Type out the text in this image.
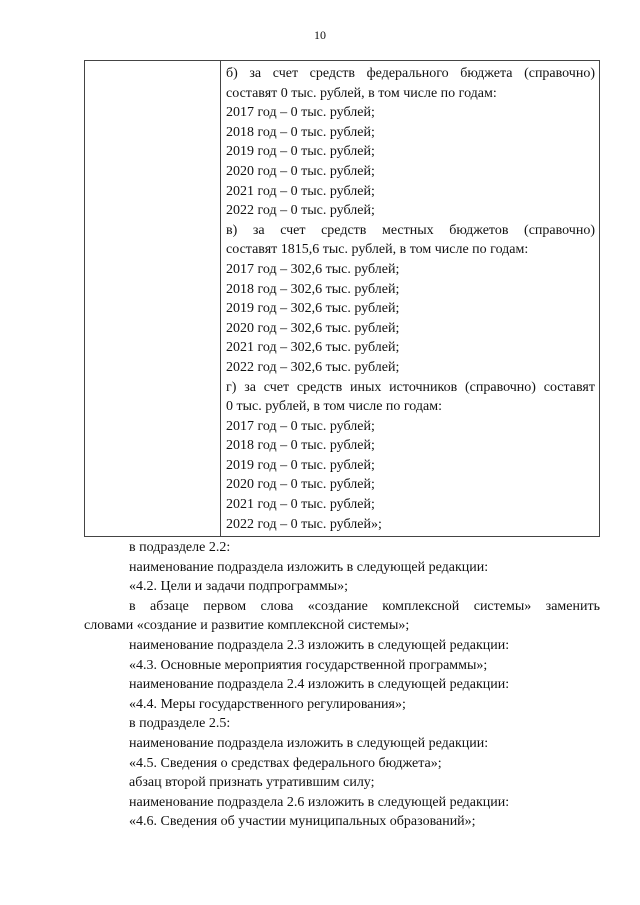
10
б) за счет средств федерального бюджета (справочно)
составят 0 тыс. рублей, в том числе по годам:
2017 год – 0 тыс. рублей;
2018 год – 0 тыс. рублей;
2019 год – 0 тыс. рублей;
2020 год – 0 тыс. рублей;
2021 год – 0 тыс. рублей;
2022 год – 0 тыс. рублей;
в) за счет средств местных бюджетов (справочно)
составят 1815,6 тыс. рублей, в том числе по годам:
2017 год – 302,6 тыс. рублей;
2018 год – 302,6 тыс. рублей;
2019 год – 302,6 тыс. рублей;
2020 год – 302,6 тыс. рублей;
2021 год – 302,6 тыс. рублей;
2022 год – 302,6 тыс. рублей;
г) за счет средств иных источников (справочно) составят
0 тыс. рублей, в том числе по годам:
2017 год – 0 тыс. рублей;
2018 год – 0 тыс. рублей;
2019 год – 0 тыс. рублей;
2020 год – 0 тыс. рублей;
2021 год – 0 тыс. рублей;
2022 год – 0 тыс. рублей»;
в подразделе 2.2:
наименование подраздела изложить в следующей редакции:
«4.2. Цели и задачи подпрограммы»;
в абзаце первом слова «создание комплексной системы» заменить
словами «создание и развитие комплексной системы»;
наименование подраздела 2.3 изложить в следующей редакции:
«4.3. Основные мероприятия государственной программы»;
наименование подраздела 2.4 изложить в следующей редакции:
«4.4. Меры государственного регулирования»;
в подразделе 2.5:
наименование подраздела изложить в следующей редакции:
«4.5. Сведения о средствах федерального бюджета»;
абзац второй признать утратившим силу;
наименование подраздела 2.6 изложить в следующей редакции:
«4.6. Сведения об участии муниципальных образований»;
